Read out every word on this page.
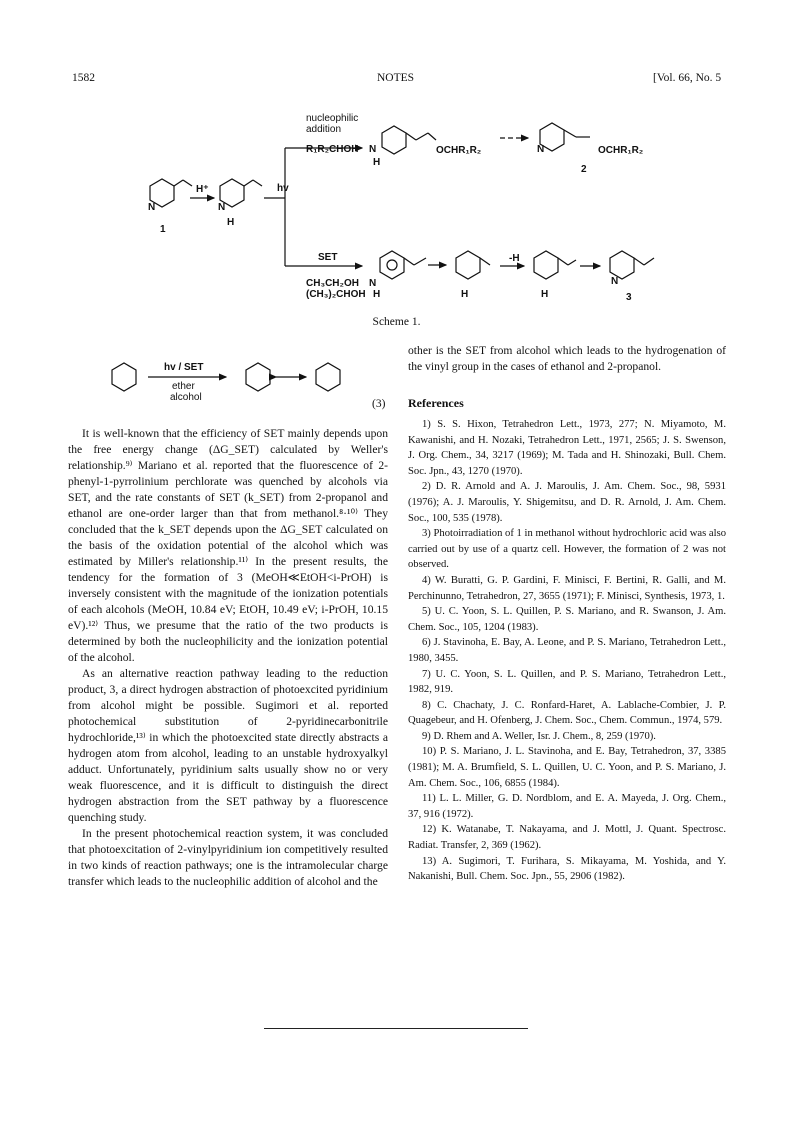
1582	NOTES	[Vol. 66, No. 5
nucleophilic
addition
R₁R₂CHOH
H⁺	hv
SET
CH₃CH₂OH
(CH₃)₂CHOH
-H
OCHR₁R₂	OCHR₁R₂
1
2
3
N	N
H
N
H
N
N
H	H	H
N
Scheme 1.
hv / SET
ether
alcohol
(3)

It is well-known that the efficiency of SET mainly depends upon the free energy change (ΔG_SET) calculated by Weller's relationship.⁹⁾ Mariano et al. reported that the fluorescence of 2-phenyl-1-pyrrolinium perchlorate was quenched by alcohols via SET, and the rate constants of SET (k_SET) from 2-propanol and ethanol are one-order larger than that from methanol.⁸·¹⁰⁾ They concluded that the k_SET depends upon the ΔG_SET calculated on the basis of the oxidation potential of the alcohol which was estimated by Miller's relationship.¹¹⁾ In the present results, the tendency for the formation of 3 (MeOH≪EtOH<i-PrOH) is inversely consistent with the magnitude of the ionization potentials of each alcohols (MeOH, 10.84 eV; EtOH, 10.49 eV; i-PrOH, 10.15 eV).¹²⁾ Thus, we presume that the ratio of the two products is determined by both the nucleophilicity and the ionization potential of the alcohol.

As an alternative reaction pathway leading to the reduction product, 3, a direct hydrogen abstraction of photoexcited pyridinium from alcohol might be possible. Sugimori et al. reported photochemical substitution of 2-pyridinecarbonitrile hydrochloride,¹³⁾ in which the photoexcited state directly abstracts a hydrogen atom from alcohol, leading to an unstable hydroxyalkyl adduct. Unfortunately, pyridinium salts usually show no or very weak fluorescence, and it is difficult to distinguish the direct hydrogen abstraction from the SET pathway by a fluorescence quenching study.

In the present photochemical reaction system, it was concluded that photoexcitation of 2-vinylpyridinium ion competitively resulted in two kinds of reaction pathways; one is the intramolecular charge transfer which leads to the nucleophilic addition of alcohol and the

other is the SET from alcohol which leads to the hydrogenation of the vinyl group in the cases of ethanol and 2-propanol.

References

1) S. S. Hixon, Tetrahedron Lett., 1973, 277; N. Miyamoto, M. Kawanishi, and H. Nozaki, Tetrahedron Lett., 1971, 2565; J. S. Swenson, J. Org. Chem., 34, 3217 (1969); M. Tada and H. Shinozaki, Bull. Chem. Soc. Jpn., 43, 1270 (1970).

2) D. R. Arnold and A. J. Maroulis, J. Am. Chem. Soc., 98, 5931 (1976); A. J. Maroulis, Y. Shigemitsu, and D. R. Arnold, J. Am. Chem. Soc., 100, 535 (1978).

3) Photoirradiation of 1 in methanol without hydrochloric acid was also carried out by use of a quartz cell. However, the formation of 2 was not observed.

4) W. Buratti, G. P. Gardini, F. Minisci, F. Bertini, R. Galli, and M. Perchinunno, Tetrahedron, 27, 3655 (1971); F. Minisci, Synthesis, 1973, 1.

5) U. C. Yoon, S. L. Quillen, P. S. Mariano, and R. Swanson, J. Am. Chem. Soc., 105, 1204 (1983).

6) J. Stavinoha, E. Bay, A. Leone, and P. S. Mariano, Tetrahedron Lett., 1980, 3455.

7) U. C. Yoon, S. L. Quillen, and P. S. Mariano, Tetrahedron Lett., 1982, 919.

8) C. Chachaty, J. C. Ronfard-Haret, A. Lablache-Combier, J. P. Quagebeur, and H. Ofenberg, J. Chem. Soc., Chem. Commun., 1974, 579.

9) D. Rhem and A. Weller, Isr. J. Chem., 8, 259 (1970).

10) P. S. Mariano, J. L. Stavinoha, and E. Bay, Tetrahedron, 37, 3385 (1981); M. A. Brumfield, S. L. Quillen, U. C. Yoon, and P. S. Mariano, J. Am. Chem. Soc., 106, 6855 (1984).

11) L. L. Miller, G. D. Nordblom, and E. A. Mayeda, J. Org. Chem., 37, 916 (1972).

12) K. Watanabe, T. Nakayama, and J. Mottl, J. Quant. Spectrosc. Radiat. Transfer, 2, 369 (1962).

13) A. Sugimori, T. Furihara, S. Mikayama, M. Yoshida, and Y. Nakanishi, Bull. Chem. Soc. Jpn., 55, 2906 (1982).
